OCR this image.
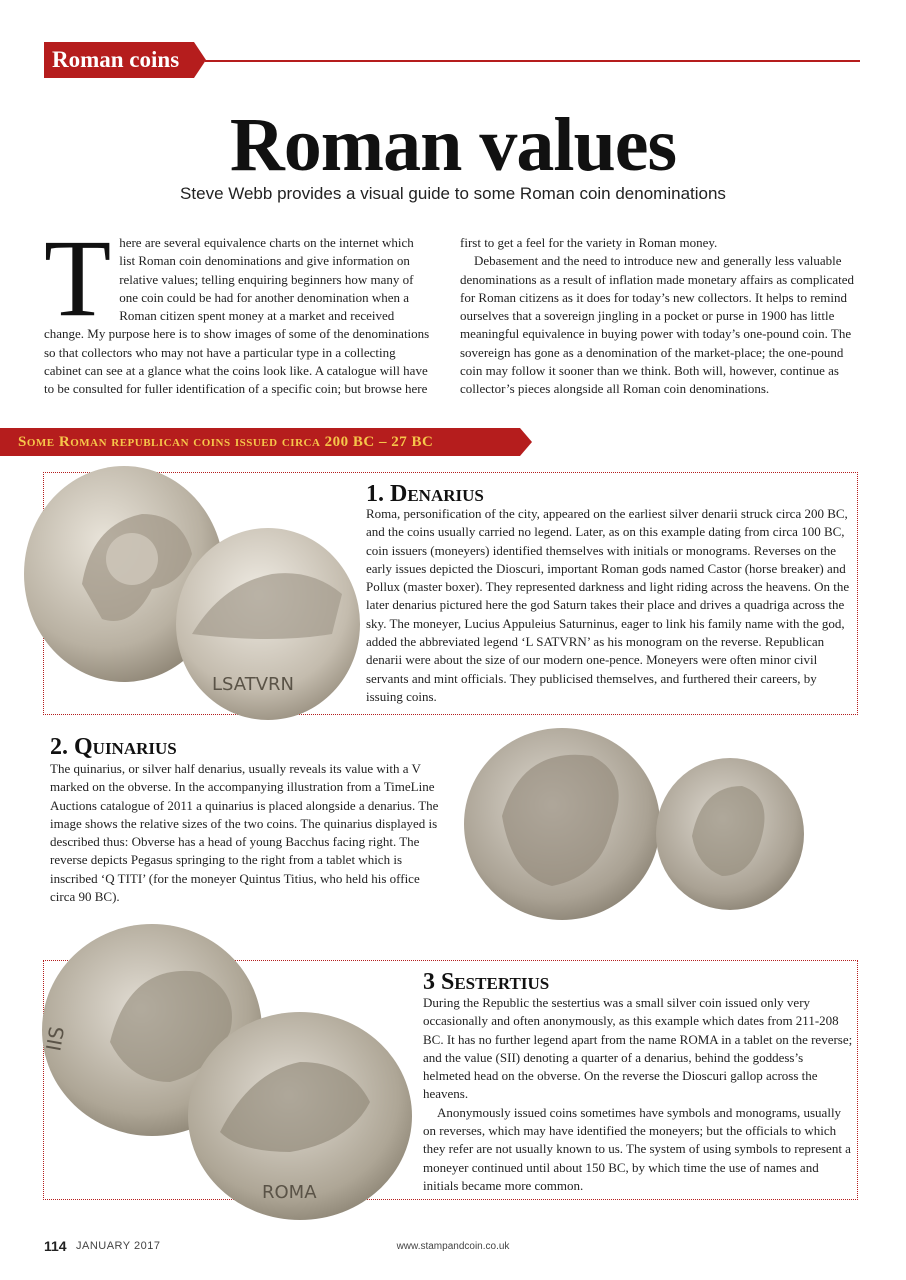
Roman coins
Roman values
Steve Webb provides a visual guide to some Roman coin denominations
There are several equivalence charts on the internet which list Roman coin denominations and give information on relative values; telling enquiring beginners how many of one coin could be had for another denomination when a Roman citizen spent money at a market and received change. My purpose here is to show images of some of the denominations so that collectors who may not have a particular type in a collecting cabinet can see at a glance what the coins look like. A catalogue will have to be consulted for fuller identification of a specific coin; but browse here

first to get a feel for the variety in Roman money.

Debasement and the need to introduce new and generally less valuable denominations as a result of inflation made monetary affairs as complicated for Roman citizens as it does for today’s new collectors. It helps to remind ourselves that a sovereign jingling in a pocket or purse in 1900 has little meaningful equivalence in buying power with today’s one-pound coin. The sovereign has gone as a denomination of the market-place; the one-pound coin may follow it sooner than we think. Both will, however, continue as collector’s pieces alongside all Roman coin denominations.

Some Roman republican coins issued circa 200 BC – 27 BC
LSATVRN
1. Denarius
Roma, personification of the city, appeared on the earliest silver denarii struck circa 200 BC, and the coins usually carried no legend. Later, as on this example dating from circa 100 BC, coin issuers (moneyers) identified themselves with initials or monograms. Reverses on the early issues depicted the Dioscuri, important Roman gods named Castor (horse breaker) and Pollux (master boxer). They represented darkness and light riding across the heavens. On the later denarius pictured here the god Saturn takes their place and drives a quadriga across the sky. The moneyer, Lucius Appuleius Saturninus, eager to link his family name with the god, added the abbreviated legend ‘L SATVRN’ as his monogram on the reverse. Republican denarii were about the size of our modern one-pence. Moneyers were often minor civil servants and mint officials. They publicised themselves, and furthered their careers, by issuing coins.
2. Quinarius
The quinarius, or silver half denarius, usually reveals its value with a V marked on the obverse. In the accompanying illustration from a TimeLine Auctions catalogue of 2011 a quinarius is placed alongside a denarius. The image shows the relative sizes of the two coins. The quinarius displayed is described thus: Obverse has a head of young Bacchus facing right. The reverse depicts Pegasus springing to the right from a tablet which is inscribed ‘Q TITI’ (for the moneyer Quintus Titius, who held his office circa 90 BC).
IIS
ROMA
3 Sestertius

During the Republic the sestertius was a small silver coin issued only very occasionally and often anonymously, as this example which dates from 211-208 BC. It has no further legend apart from the name ROMA in a tablet on the reverse; and the value (SII) denoting a quarter of a denarius, behind the goddess’s helmeted head on the obverse. On the reverse the Dioscuri gallop across the heavens.

Anonymously issued coins sometimes have symbols and monograms, usually on reverses, which may have identified the moneyers; but the officials to which they refer are not usually known to us. The system of using symbols to represent a moneyer continued until about 150 BC, by which time the use of names and initials became more common.

114 JANUARY 2017	www.stampandcoin.co.uk
